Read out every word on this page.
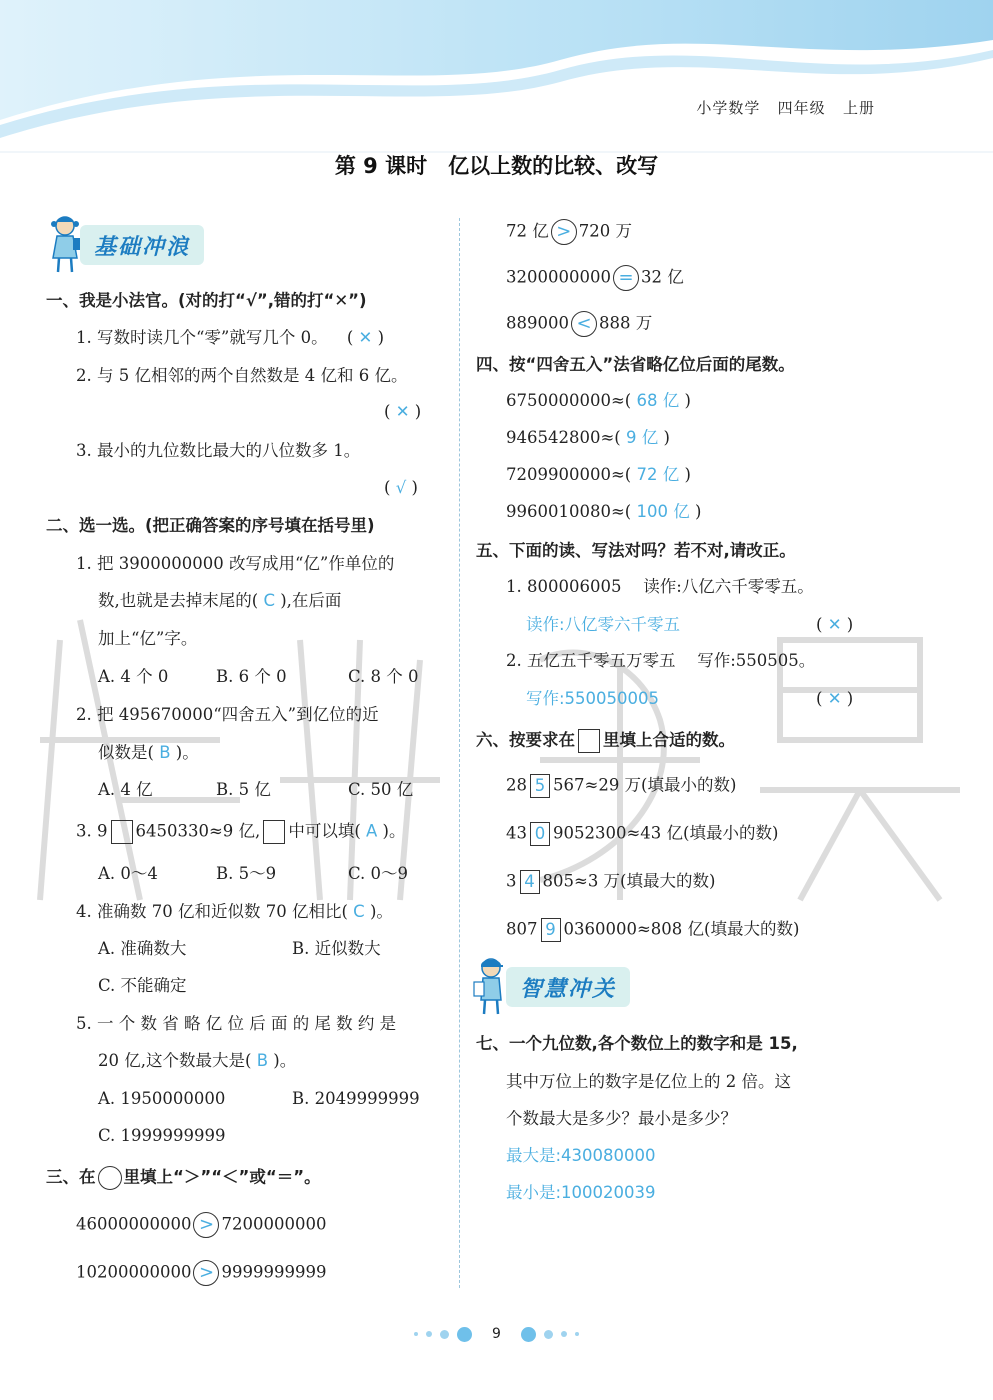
小学数学 四年级 上册
第 9 课时　亿以上数的比较、改写
基础冲浪
一、我是小法官。(对的打“√”,错的打“✕”)
1. 写数时读几个“零”就写几个 0。 ( ✕ )
2. 与 5 亿相邻的两个自然数是 4 亿和 6 亿。
( ✕ )
3. 最小的九位数比最大的八位数多 1。
( √ )
二、选一选。(把正确答案的序号填在括号里)
1. 把 3900000000 改写成用“亿”作单位的
数,也就是去掉末尾的( C ),在后面
加上“亿”字。
A. 4 个 0	B. 6 个 0	C. 8 个 0
2. 把 495670000“四舍五入”到亿位的近
似数是( B )。
A. 4 亿	B. 5 亿	C. 50 亿
3. 9 6450330≈9 亿, 中可以填( A )。
A. 0～4	B. 5～9	C. 0～9
4. 准确数 70 亿和近似数 70 亿相比( C )。
A. 准确数大	B. 近似数大
C. 不能确定
5. 一 个 数 省 略 亿 位 后 面 的 尾 数 约 是
20 亿,这个数最大是( B )。
A. 1950000000	B. 2049999999
C. 1999999999
三、在 里填上“＞”“＜”或“＝”。
46000000000 > 7200000000
10200000000 > 9999999999
72 亿 > 720 万
3200000000 = 32 亿
889000 < 888 万
四、按“四舍五入”法省略亿位后面的尾数。
6750000000≈( 68 亿 )
946542800≈( 9 亿 )
7209900000≈( 72 亿 )
9960010080≈( 100 亿 )
五、下面的读、写法对吗？若不对,请改正。
1. 800006005　 读作:八亿六千零零五。
读作:八亿零六千零五	( ✕ )
2. 五亿五千零五万零五　 写作:550505。
写作:550050005	( ✕ )
六、按要求在 里填上合适的数。
28 5 567≈29 万(填最小的数)
43 0 9052300≈43 亿(填最小的数)
3 4 805≈3 万(填最大的数)
807 9 0360000≈808 亿(填最大的数)
智慧冲关
七、一个九位数,各个数位上的数字和是 15,
其中万位上的数字是亿位上的 2 倍。这
个数最大是多少？最小是多少？
最大是:430080000
最小是:100020039
9
